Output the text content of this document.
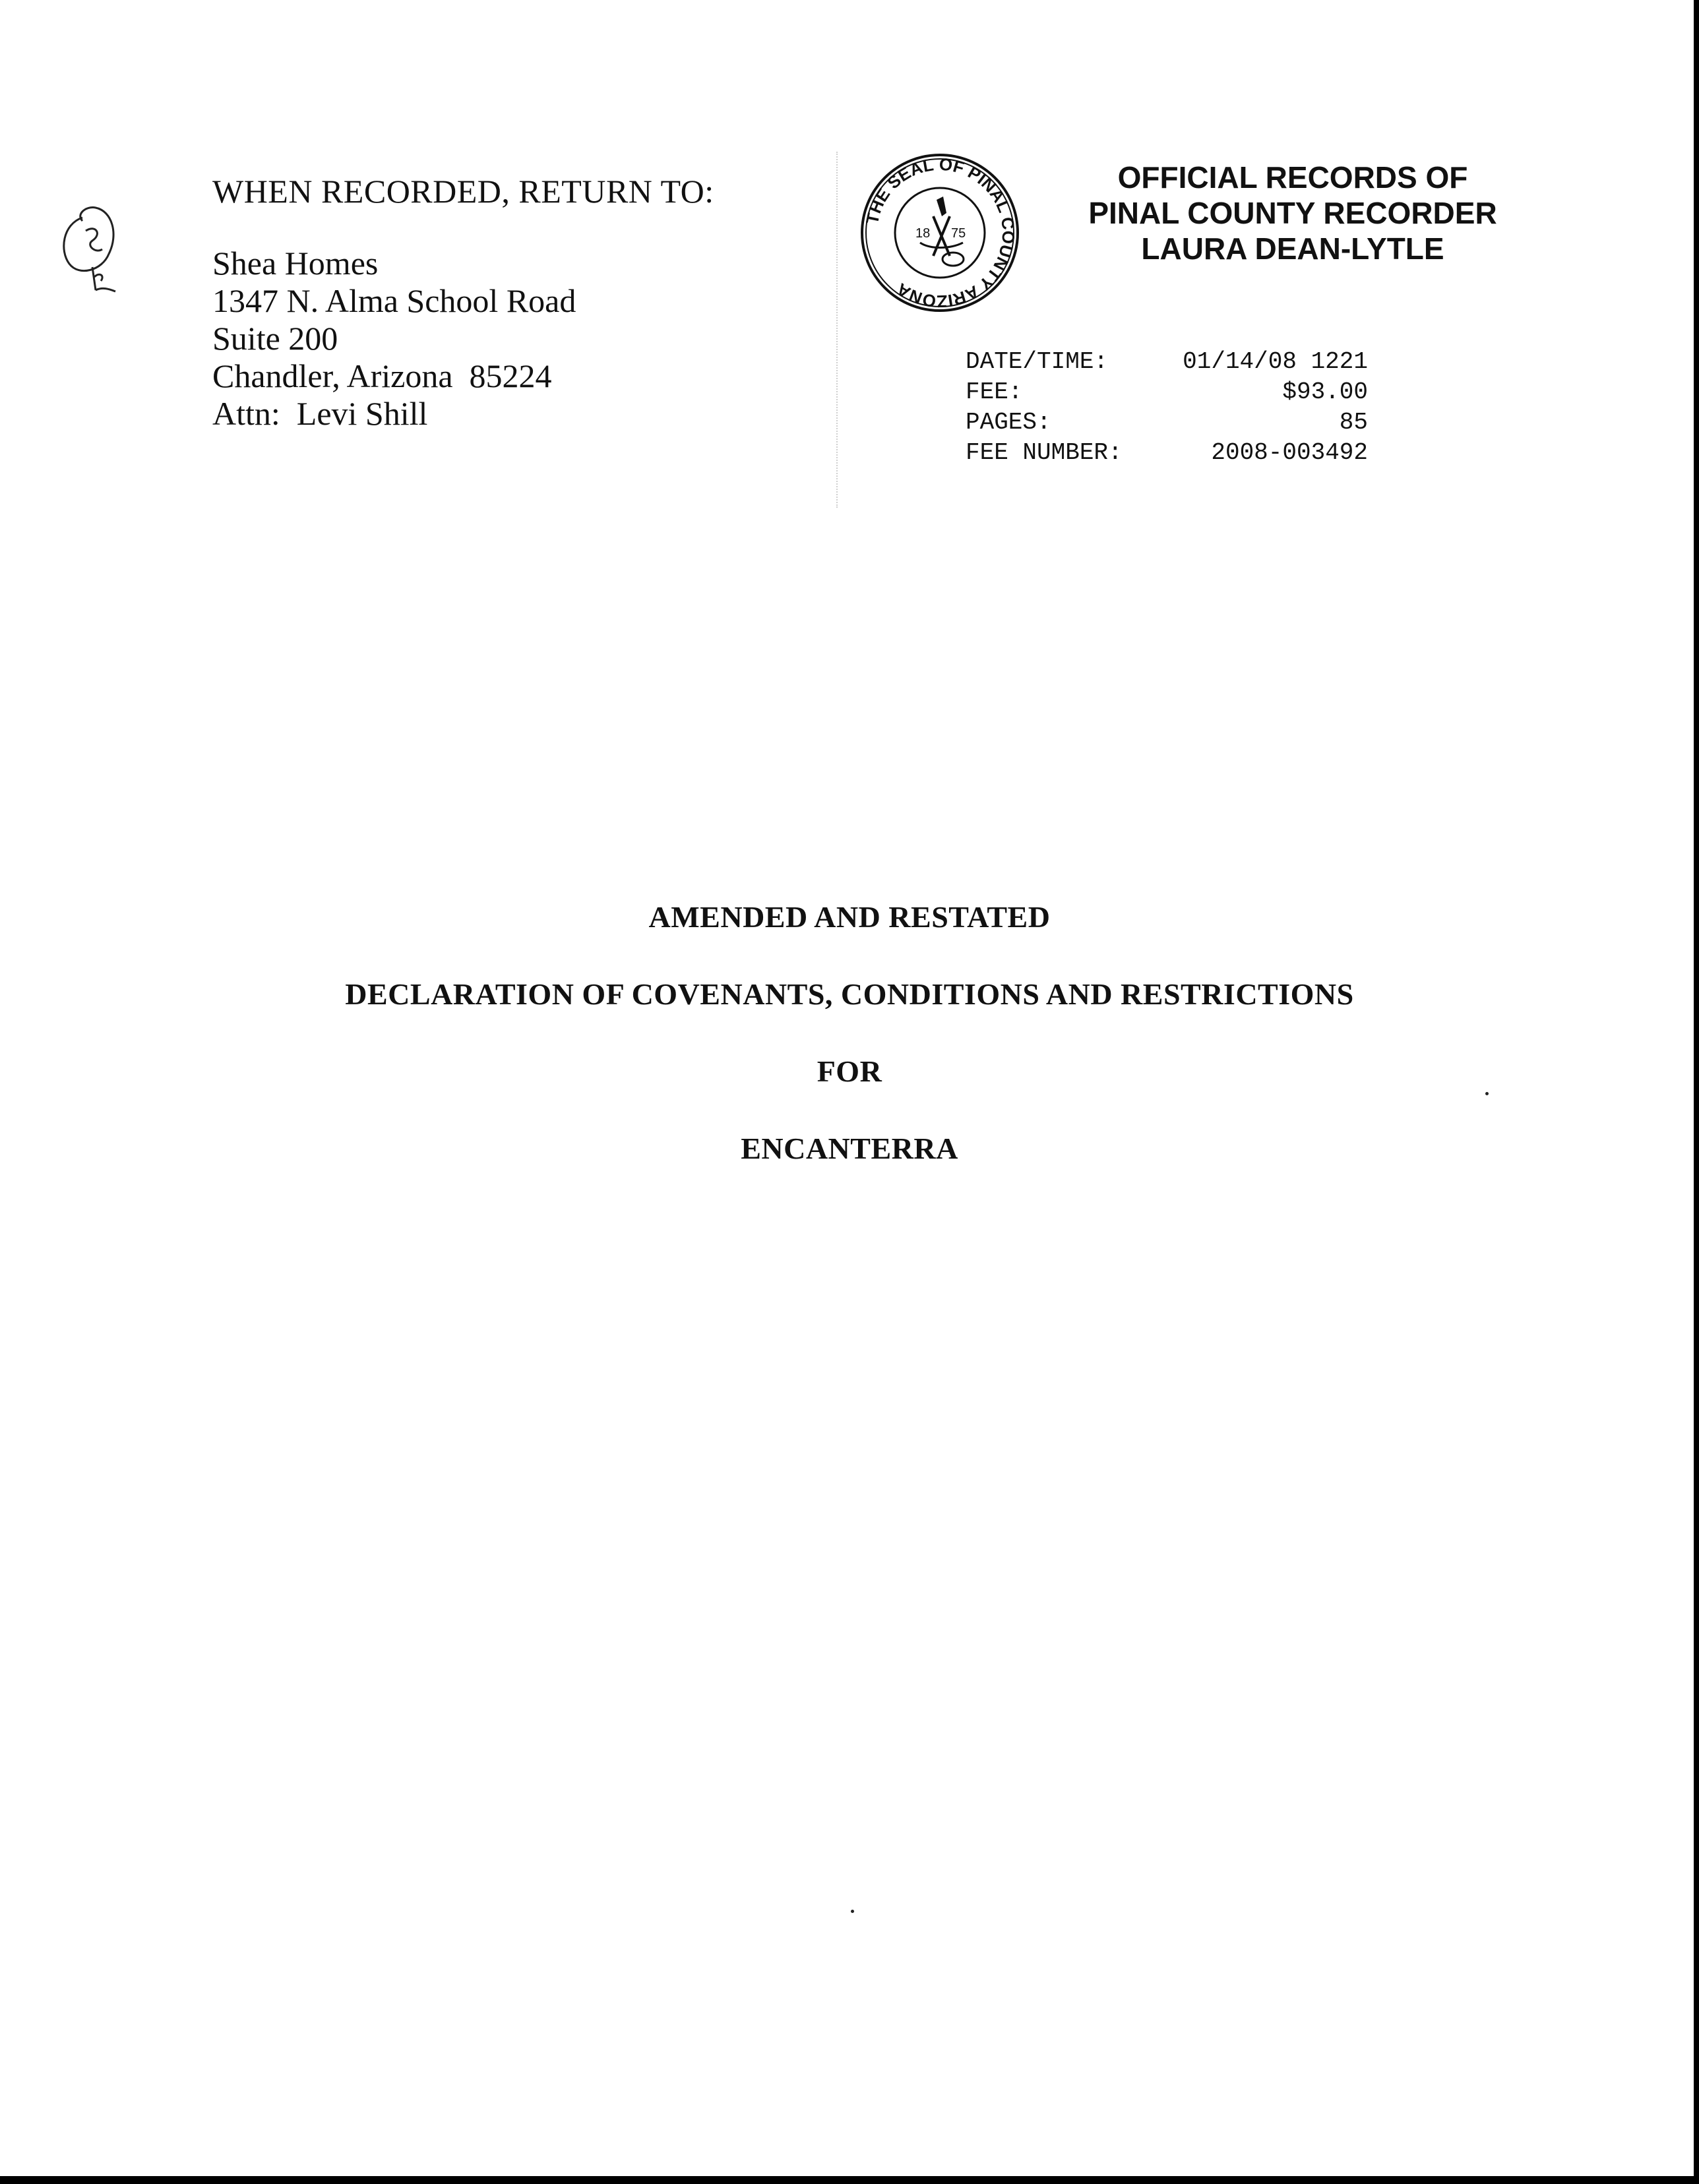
WHEN RECORDED, RETURN TO:
Shea Homes
1347 N. Alma School Road
Suite 200
Chandler, Arizona  85224
Attn:  Levi Shill
THE SEAL OF PINAL COUNTY ARIZONA
18 75
OFFICIAL RECORDS OF
PINAL COUNTY RECORDER
LAURA DEAN-LYTLE
DATE/TIME:	01/14/08 1221
FEE:	$93.00
PAGES:	85
FEE NUMBER:	2008-003492
AMENDED AND RESTATED
DECLARATION OF COVENANTS, CONDITIONS AND RESTRICTIONS
FOR
ENCANTERRA
